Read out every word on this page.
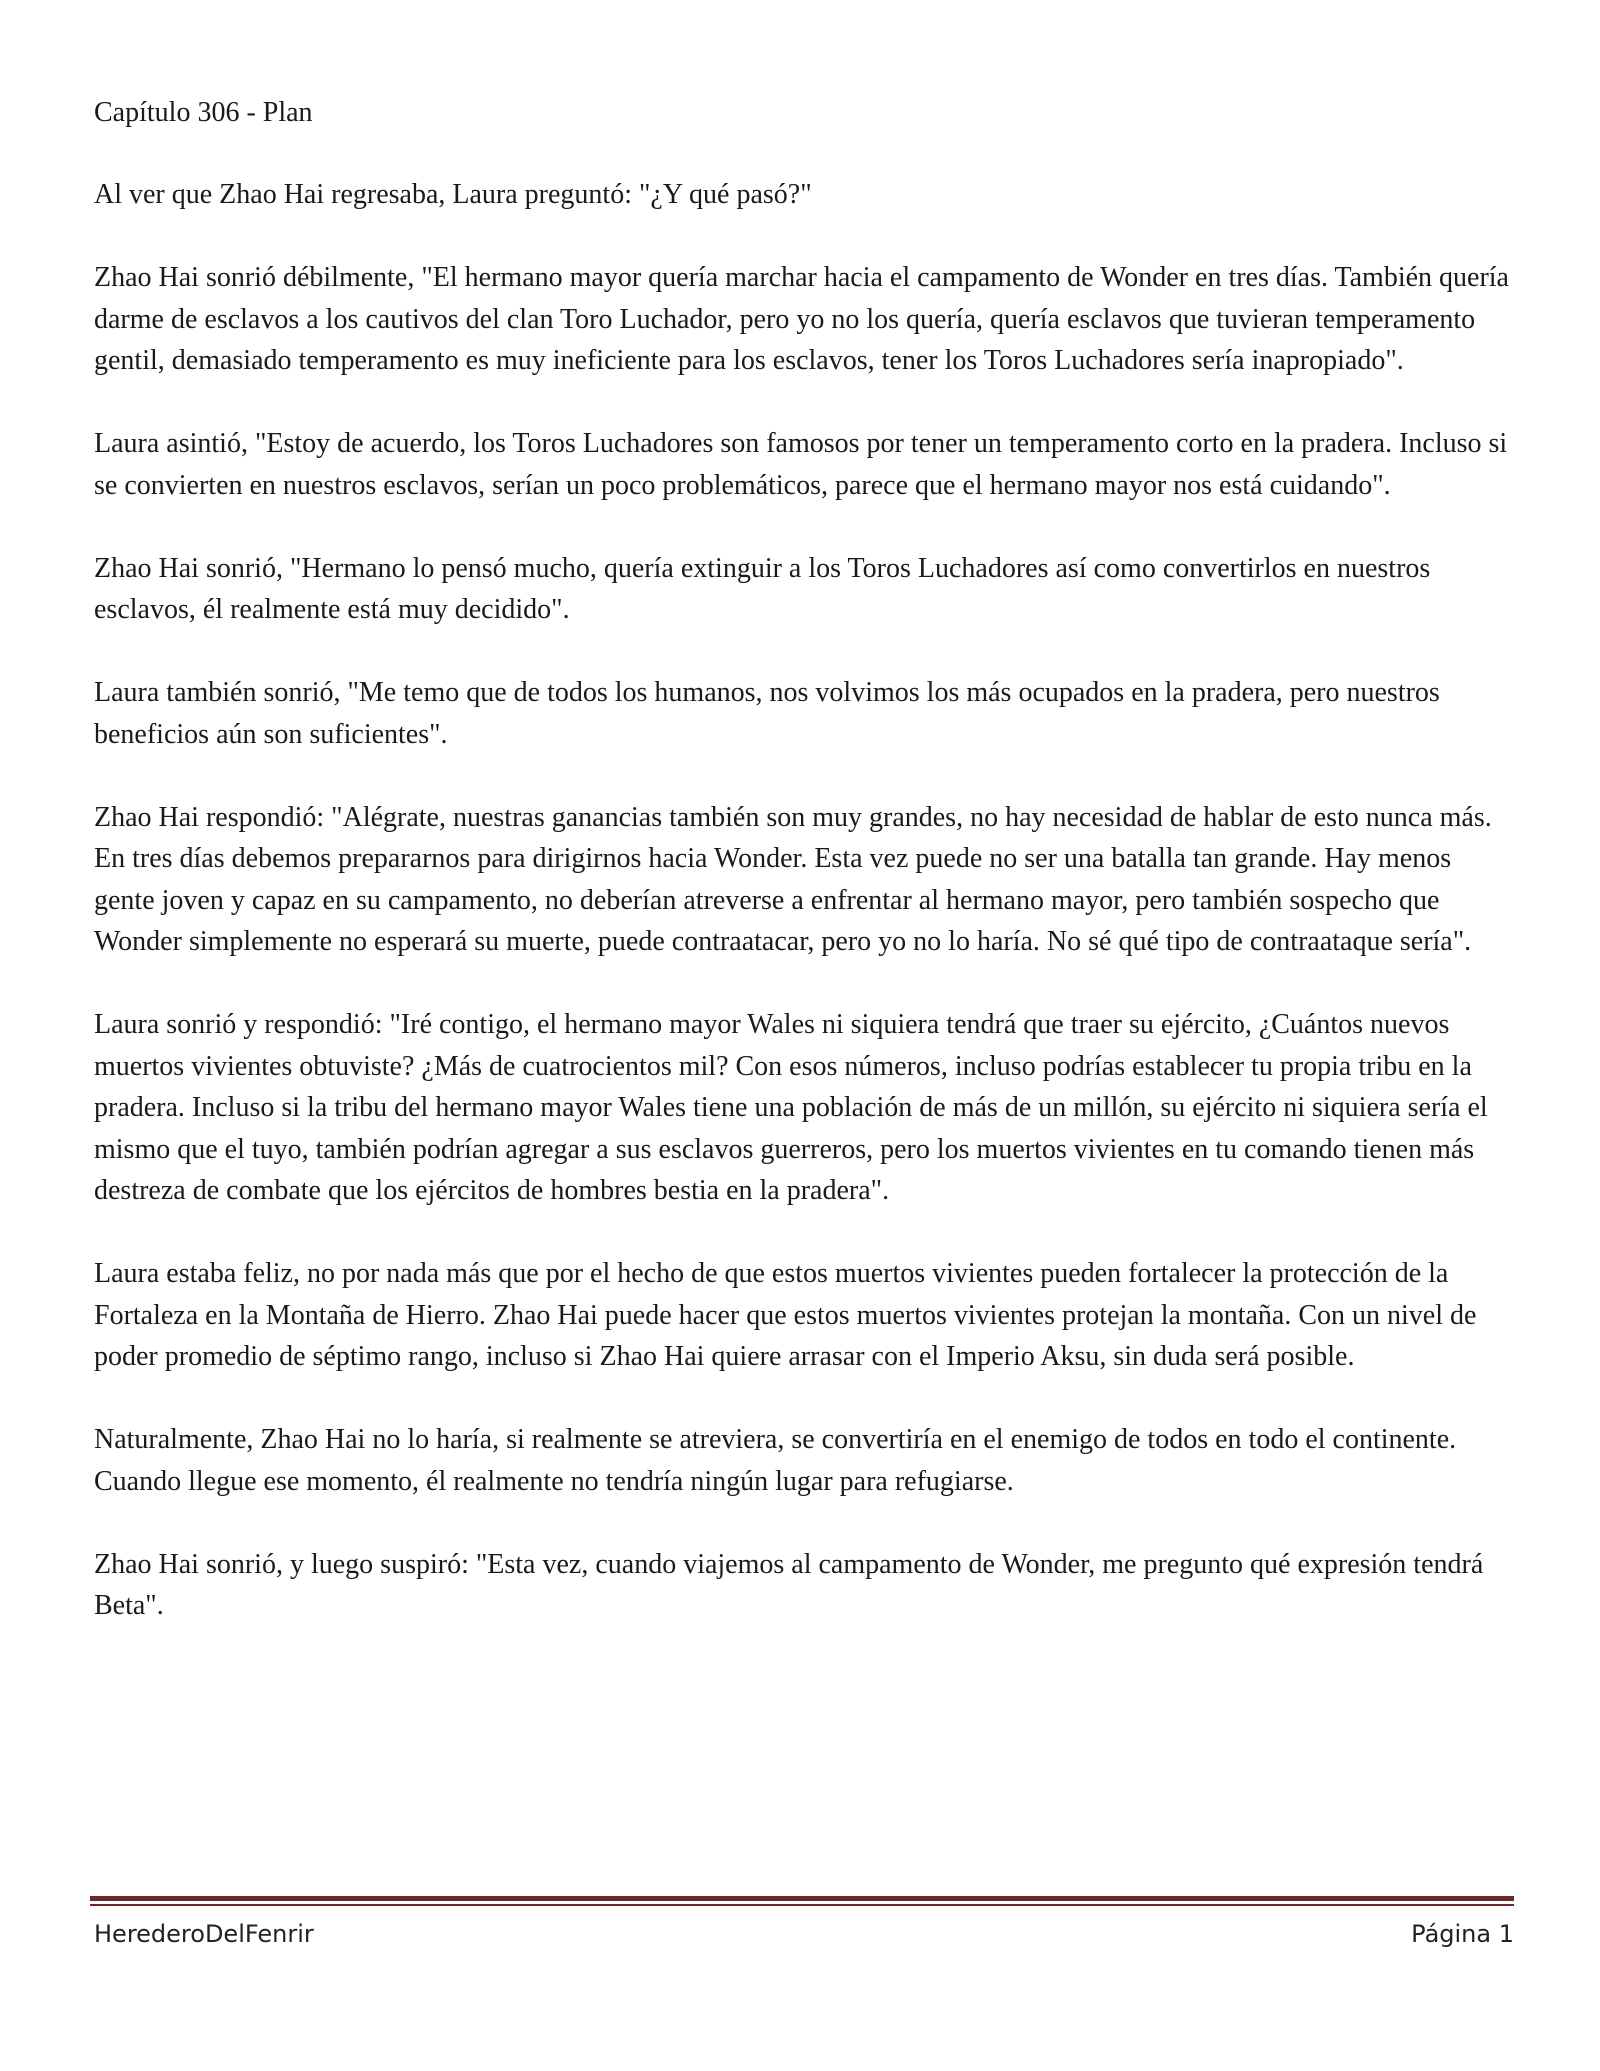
Capítulo 306 - Plan

Al ver que Zhao Hai regresaba, Laura preguntó: "¿Y qué pasó?"

Zhao Hai sonrió débilmente, "El hermano mayor quería marchar hacia el campamento de Wonder en tres días. También quería darme de esclavos a los cautivos del clan Toro Luchador, pero yo no los quería, quería esclavos que tuvieran temperamento gentil, demasiado temperamento es muy ineficiente para los esclavos, tener los Toros Luchadores sería inapropiado".

Laura asintió, "Estoy de acuerdo, los Toros Luchadores son famosos por tener un temperamento corto en la pradera. Incluso si se convierten en nuestros esclavos, serían un poco problemáticos, parece que el hermano mayor nos está cuidando".

Zhao Hai sonrió, "Hermano lo pensó mucho, quería extinguir a los Toros Luchadores así como convertirlos en nuestros esclavos, él realmente está muy decidido".

Laura también sonrió, "Me temo que de todos los humanos, nos volvimos los más ocupados en la pradera, pero nuestros beneficios aún son suficientes".

Zhao Hai respondió: "Alégrate, nuestras ganancias también son muy grandes, no hay necesidad de hablar de esto nunca más. En tres días debemos prepararnos para dirigirnos hacia Wonder. Esta vez puede no ser una batalla tan grande. Hay menos gente joven y capaz en su campamento, no deberían atreverse a enfrentar al hermano mayor, pero también sospecho que Wonder simplemente no esperará su muerte, puede contraatacar, pero yo no lo haría. No sé qué tipo de contraataque sería".

Laura sonrió y respondió: "Iré contigo, el hermano mayor Wales ni siquiera tendrá que traer su ejército, ¿Cuántos nuevos muertos vivientes obtuviste? ¿Más de cuatrocientos mil? Con esos números, incluso podrías establecer tu propia tribu en la pradera. Incluso si la tribu del hermano mayor Wales tiene una población de más de un millón, su ejército ni siquiera sería el mismo que el tuyo, también podrían agregar a sus esclavos guerreros, pero los muertos vivientes en tu comando tienen más destreza de combate que los ejércitos de hombres bestia en la pradera".

Laura estaba feliz, no por nada más que por el hecho de que estos muertos vivientes pueden fortalecer la protección de la Fortaleza en la Montaña de Hierro. Zhao Hai puede hacer que estos muertos vivientes protejan la montaña. Con un nivel de poder promedio de séptimo rango, incluso si Zhao Hai quiere arrasar con el Imperio Aksu, sin duda será posible.

Naturalmente, Zhao Hai no lo haría, si realmente se atreviera, se convertiría en el enemigo de todos en todo el continente. Cuando llegue ese momento, él realmente no tendría ningún lugar para refugiarse.

Zhao Hai sonrió, y luego suspiró: "Esta vez, cuando viajemos al campamento de Wonder, me pregunto qué expresión tendrá Beta".

HerederoDelFenrir	Página 1
